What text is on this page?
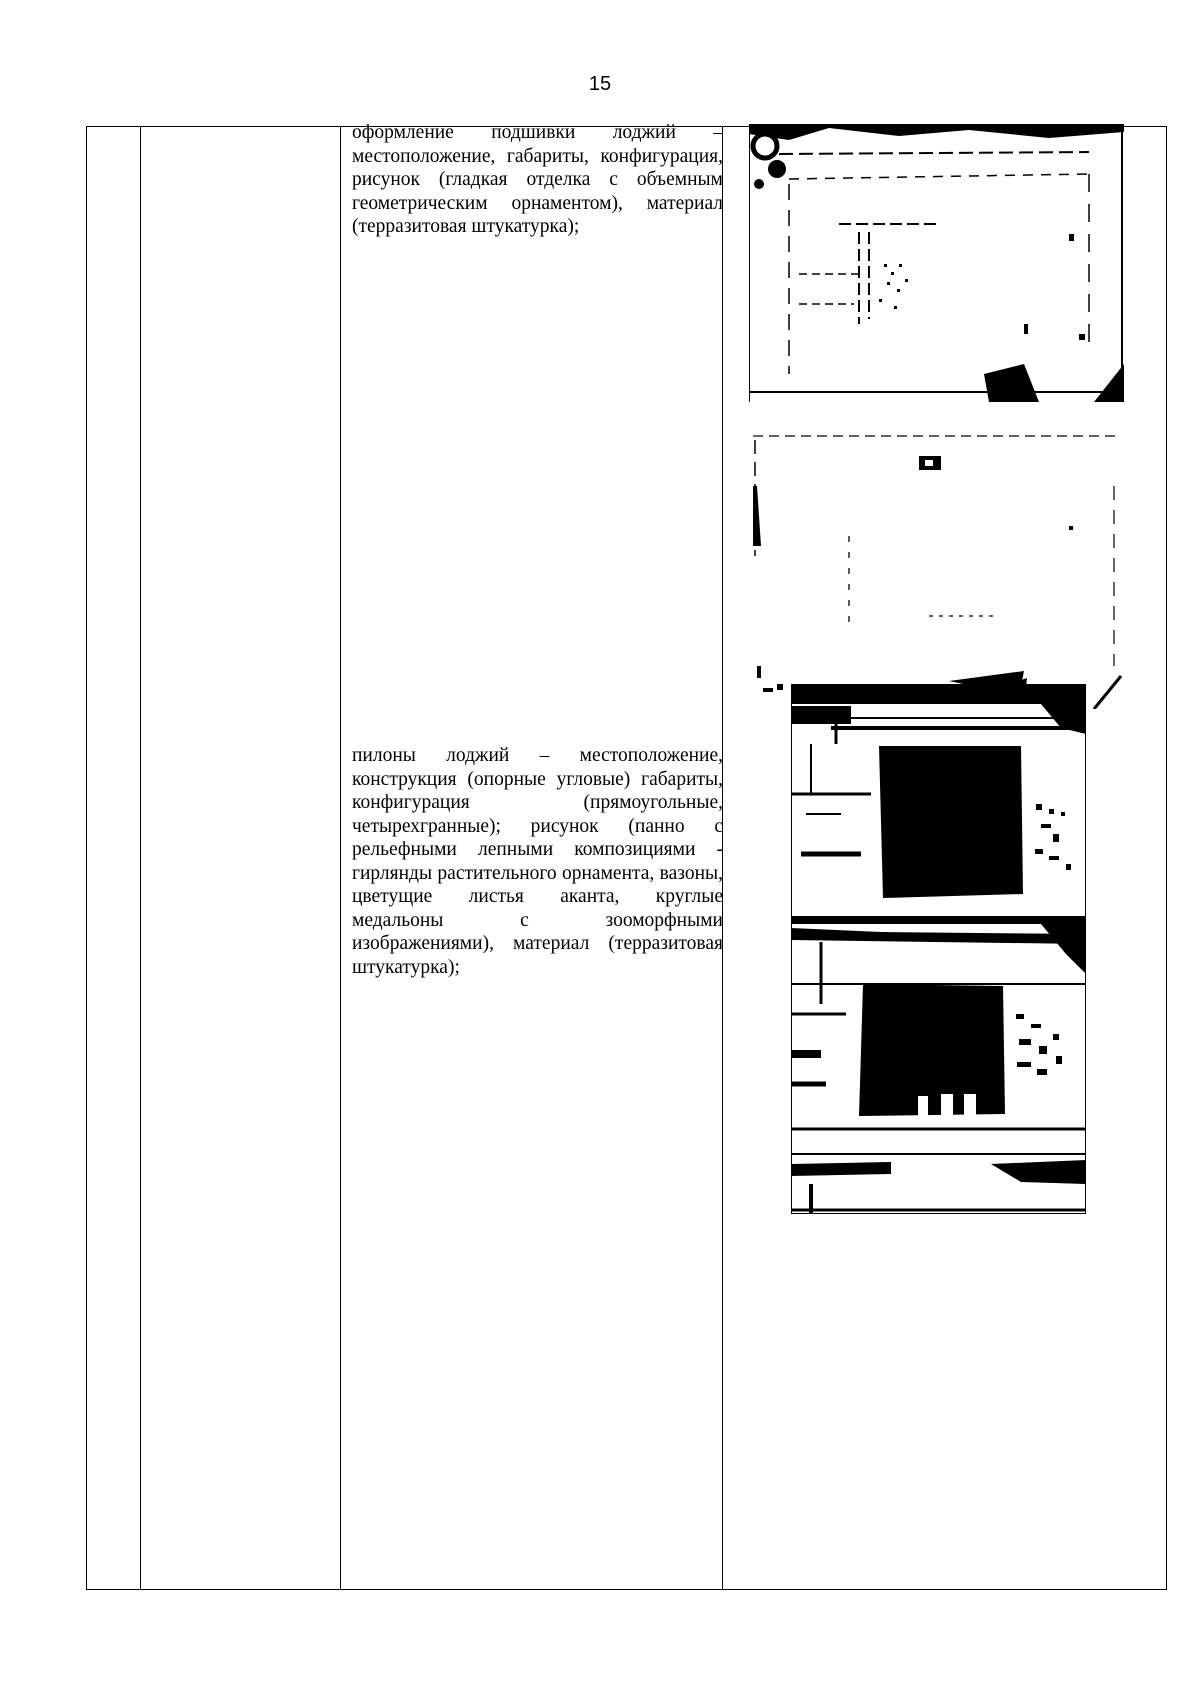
15

оформление подшивки лоджий – местоположение, габариты, конфигурация, рисунок (гладкая отделка с объемным геометрическим орнаментом), материал (терразитовая штукатурка);

пилоны лоджий – местоположение, конструкция (опорные угловые) габариты, конфигурация (прямоугольные, четырехгранные); рисунок (панно с рельефными лепными композициями - гирлянды растительного орнамента, вазоны, цветущие листья аканта, круглые медальоны с зооморфными изображениями), материал (терразитовая штукатурка);
